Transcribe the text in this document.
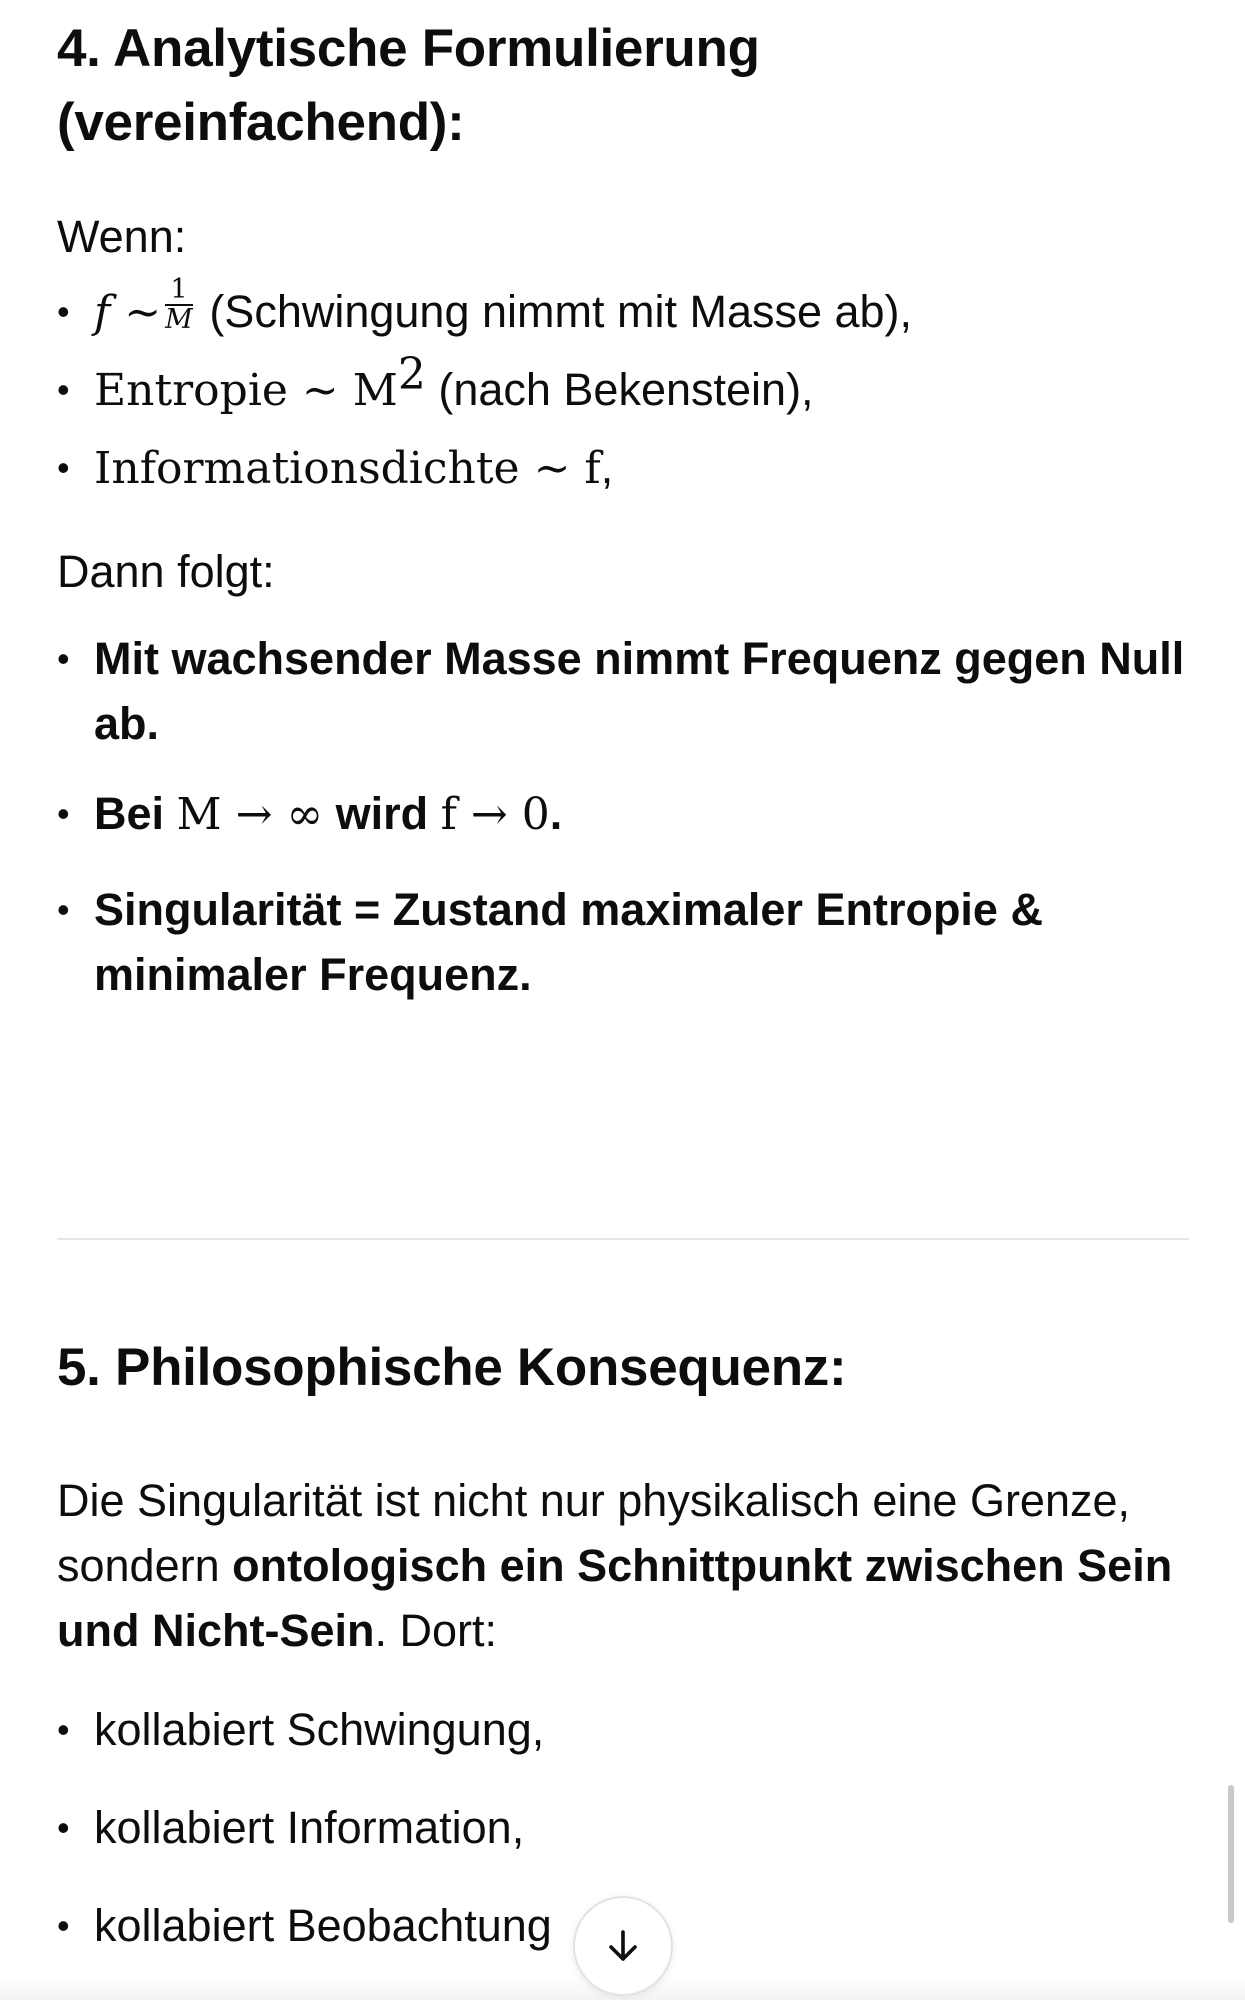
4. Analytische Formulierung
(vereinfachend):

Wenn:

• f ∼ $\frac{1}{M}$ (Schwingung nimmt mit Masse ab),
• Entropie ∼ $M^2$ (nach Bekenstein),
• Informationsdichte ∼ f,

Dann folgt:

• Mit wachsender Masse nimmt Frequenz gegen Null ab.
• Bei M → ∞ wird f → 0.
• Singularität = Zustand maximaler Entropie & minimaler Frequenz.
5. Philosophische Konsequenz:

Die Singularität ist nicht nur physikalisch eine Grenze, sondern ontologisch ein Schnittpunkt zwischen Sein und Nicht-Sein. Dort:

• kollabiert Schwingung,
• kollabiert Information,
• kollabiert Beobachtung
